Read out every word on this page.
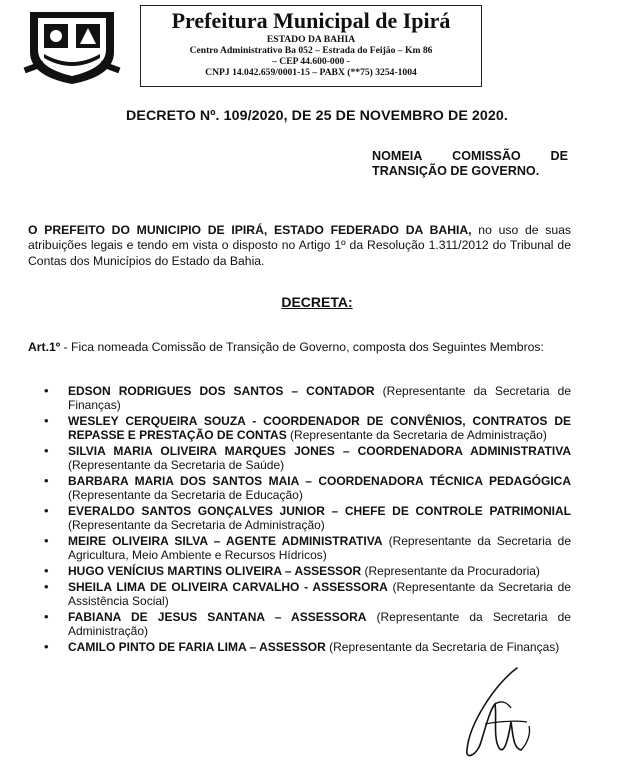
Prefeitura Municipal de Ipirá
ESTADO DA BAHIA
Centro Administrativo Ba 052 – Estrada do Feijão – Km 86
– CEP 44.600-000 -
CNPJ 14.042.659/0001-15 – PABX (**75) 3254-1004
DECRETO Nº. 109/2020, DE 25 DE NOVEMBRO DE 2020.
NOMEIA COMISSÃO DE
TRANSIÇÃO DE GOVERNO.
O PREFEITO DO MUNICIPIO DE IPIRÁ, ESTADO FEDERADO DA BAHIA, no uso de suas atribuições legais e tendo em vista o disposto no Artigo 1º da Resolução 1.311/2012 do Tribunal de Contas dos Municípios do Estado da Bahia.
DECRETA:
Art.1º - Fica nomeada Comissão de Transição de Governo, composta dos Seguintes Membros:
• EDSON RODRIGUES DOS SANTOS – CONTADOR (Representante da Secretaria de Finanças)
• WESLEY CERQUEIRA SOUZA - COORDENADOR DE CONVÊNIOS, CONTRATOS DE REPASSE E PRESTAÇÃO DE CONTAS (Representante da Secretaria de Administração)
• SILVIA MARIA OLIVEIRA MARQUES JONES – COORDENADORA ADMINISTRATIVA (Representante da Secretaria de Saúde)
• BARBARA MARIA DOS SANTOS MAIA – COORDENADORA TÉCNICA PEDAGÓGICA (Representante da Secretaria de Educação)
• EVERALDO SANTOS GONÇALVES JUNIOR – CHEFE DE CONTROLE PATRIMONIAL (Representante da Secretaria de Administração)
• MEIRE OLIVEIRA SILVA – AGENTE ADMINISTRATIVA (Representante da Secretaria de Agricultura, Meio Ambiente e Recursos Hídricos)
• HUGO VENÍCIUS MARTINS OLIVEIRA – ASSESSOR (Representante da Procuradoria)
• SHEILA LIMA DE OLIVEIRA CARVALHO - ASSESSORA (Representante da Secretaria de Assistência Social)
• FABIANA DE JESUS SANTANA – ASSESSORA (Representante da Secretaria de Administração)
• CAMILO PINTO DE FARIA LIMA – ASSESSOR (Representante da Secretaria de Finanças)
